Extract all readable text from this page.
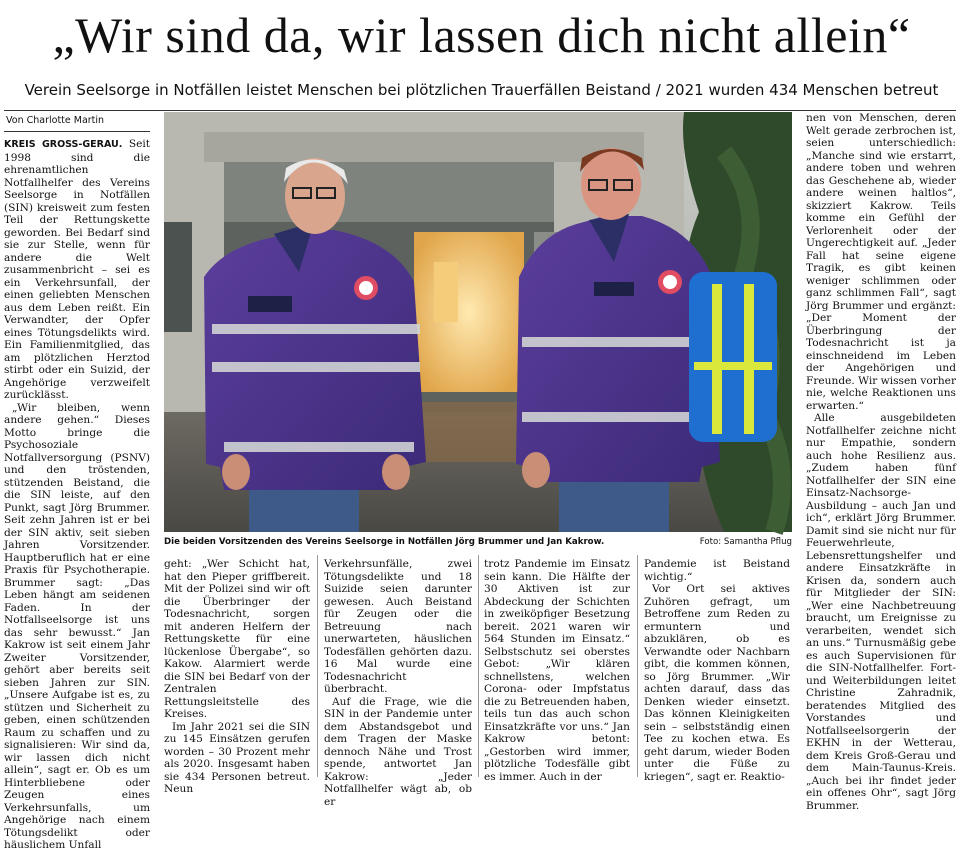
„Wir sind da, wir lassen dich nicht allein“
Verein Seelsorge in Notfällen leistet Menschen bei plötzlichen Trauerfällen Beistand / 2021 wurden 434 Menschen betreut
Von Charlotte Martin

KREIS GROSS-GERAU. Seit 1998 sind die ehrenamtlichen Notfallhelfer des Vereins Seelsorge in Notfällen (SIN) kreisweit zum festen Teil der Rettungskette geworden. Bei Bedarf sind sie zur Stelle, wenn für andere die Welt zusammenbricht – sei es ein Verkehrsunfall, der einen geliebten Menschen aus dem Leben reißt. Ein Verwandter, der Opfer eines Tötungsdelikts wird. Ein Familienmitglied, das am plötzlichen Herztod stirbt oder ein Suizid, der Angehörige verzweifelt zurücklässt.

„Wir bleiben, wenn andere gehen.“ Dieses Motto bringe die Psychosoziale Notfallversorgung (PSNV) und den tröstenden, stützenden Beistand, die die SIN leiste, auf den Punkt, sagt Jörg Brummer. Seit zehn Jahren ist er bei der SIN aktiv, seit sieben Jahren Vorsitzender. Hauptberuflich hat er eine Praxis für Psychotherapie. Brummer sagt: „Das Leben hängt am seidenen Faden. In der Notfallseelsorge ist uns das sehr bewusst.“ Jan Kakrow ist seit einem Jahr Zweiter Vorsitzender, gehört aber bereits seit sieben Jahren zur SIN. „Unsere Aufgabe ist es, zu stützen und Sicherheit zu geben, einen schützenden Raum zu schaffen und zu signalisieren: Wir sind da, wir lassen dich nicht allein“, sagt er. Ob es um Hinterbliebene oder Zeugen eines Verkehrsunfalls, um Angehörige nach einem Tötungsdelikt oder häuslichem Unfall

Die beiden Vorsitzenden des Vereins Seelsorge in Notfällen Jörg Brummer und Jan Kakrow.	Foto: Samantha Pflug

geht: „Wer Schicht hat, hat den Pieper griffbereit. Mit der Polizei sind wir oft die Überbringer der Todesnachricht, sorgen mit anderen Helfern der Rettungskette für eine lückenlose Übergabe“, so Kakow. Alarmiert werde die SIN bei Bedarf von der Zentralen Rettungsleitstelle des Kreises.

Im Jahr 2021 sei die SIN zu 145 Einsätzen gerufen worden – 30 Prozent mehr als 2020. Insgesamt haben sie 434 Personen betreut. Neun

Verkehrsunfälle, zwei Tötungsdelikte und 18 Suizide seien darunter gewesen. Auch Beistand für Zeugen oder die Betreuung nach unerwarteten, häuslichen Todesfällen gehörten dazu. 16 Mal wurde eine Todesnachricht überbracht.

Auf die Frage, wie die SIN in der Pandemie unter dem Abstandsgebot und dem Tragen der Maske dennoch Nähe und Trost spende, antwortet Jan Kakrow: „Jeder Notfallhelfer wägt ab, ob er

trotz Pandemie im Einsatz sein kann. Die Hälfte der 30 Aktiven ist zur Abdeckung der Schichten in zweiköpfiger Besetzung bereit. 2021 waren wir 564 Stunden im Einsatz.“ Selbstschutz sei oberstes Gebot: „Wir klären schnellstens, welchen Corona- oder Impfstatus die zu Betreuenden haben, teils tun das auch schon Einsatzkräfte vor uns.“ Jan Kakrow betont: „Gestorben wird immer, plötzliche Todesfälle gibt es immer. Auch in der

Pandemie ist Beistand wichtig.“

Vor Ort sei aktives Zuhören gefragt, um Betroffene zum Reden zu ermuntern und abzuklären, ob es Verwandte oder Nachbarn gibt, die kommen können, so Jörg Brummer. „Wir achten darauf, dass das Denken wieder einsetzt. Das können Kleinigkeiten sein – selbstständig einen Tee zu kochen etwa. Es geht darum, wieder Boden unter die Füße zu kriegen“, sagt er. Reaktio-

nen von Menschen, deren Welt gerade zerbrochen ist, seien unterschiedlich: „Manche sind wie erstarrt, andere toben und wehren das Geschehene ab, wieder andere weinen haltlos“, skizziert Kakrow. Teils komme ein Gefühl der Verlorenheit oder der Ungerechtigkeit auf. „Jeder Fall hat seine eigene Tragik, es gibt keinen weniger schlimmen oder ganz schlimmen Fall“, sagt Jörg Brummer und ergänzt: „Der Moment der Überbringung der Todesnachricht ist ja einschneidend im Leben der Angehörigen und Freunde. Wir wissen vorher nie, welche Reaktionen uns erwarten.“

Alle ausgebildeten Notfallhelfer zeichne nicht nur Empathie, sondern auch hohe Resilienz aus. „Zudem haben fünf Notfallhelfer der SIN eine Einsatz-Nachsorge-Ausbildung – auch Jan und ich“, erklärt Jörg Brummer. Damit sind sie nicht nur für Feuerwehrleute, Lebensrettungshelfer und andere Einsatzkräfte in Krisen da, sondern auch für Mitglieder der SIN: „Wer eine Nachbetreuung braucht, um Ereignisse zu verarbeiten, wendet sich an uns.“ Turnusmäßig gebe es auch Supervisionen für die SIN-Notfallhelfer. Fort- und Weiterbildungen leitet Christine Zahradnik, beratendes Mitglied des Vorstandes und Notfallseelsorgerin der EKHN in der Wetterau, dem Kreis Groß-Gerau und dem Main-Taunus-Kreis. „Auch bei ihr findet jeder ein offenes Ohr“, sagt Jörg Brummer.
